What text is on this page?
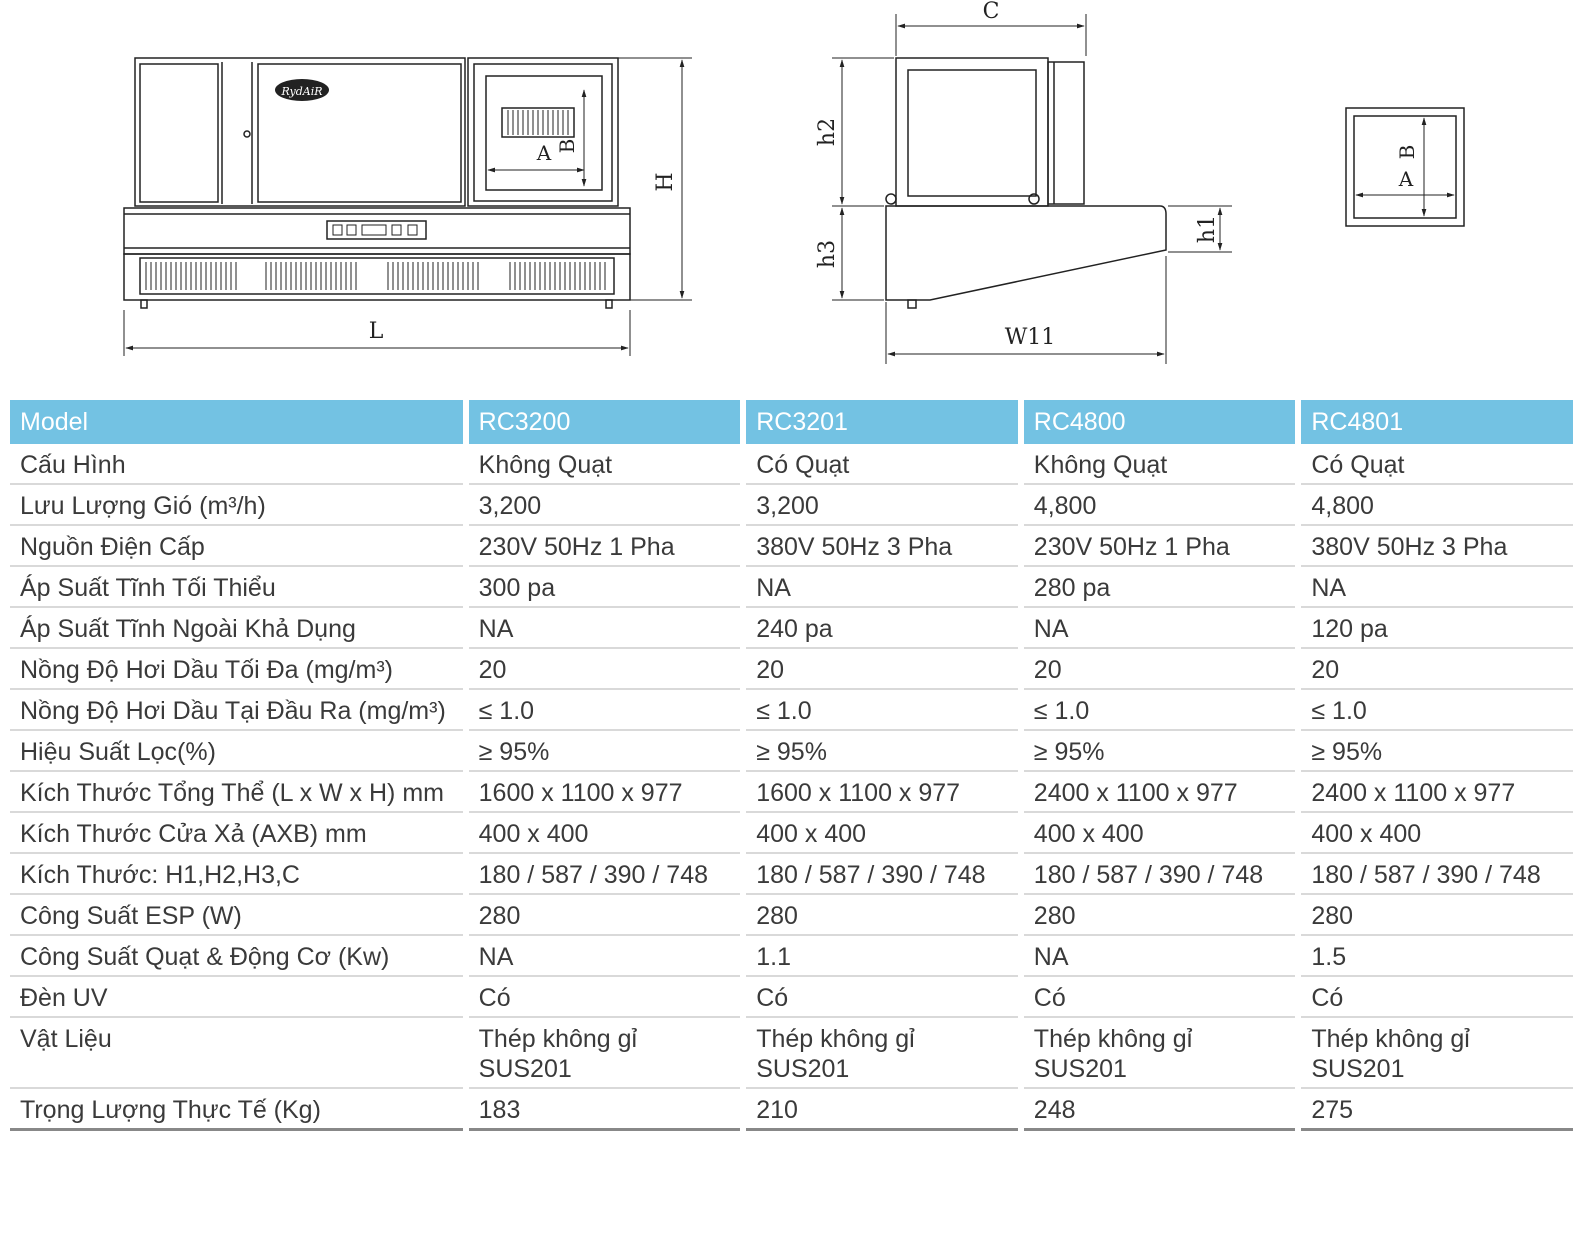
RydAiR
L
H
A B
C
h2
h3
h1
W11
A
B
Model	RC3200	RC3201	RC4800	RC4801
Cấu Hình	Không Quạt	Có Quạt	Không Quạt	Có Quạt
Lưu Lượng Gió (m³/h)	3,200	3,200	4,800	4,800
Nguồn Điện Cấp	230V 50Hz 1 Pha	380V 50Hz 3 Pha	230V 50Hz 1 Pha	380V 50Hz 3 Pha
Áp Suất Tĩnh Tối Thiểu	300 pa	NA	280 pa	NA
Áp Suất Tĩnh Ngoài Khả Dụng	NA	240 pa	NA	120 pa
Nồng Độ Hơi Dầu Tối Đa (mg/m³)	20	20	20	20
Nồng Độ Hơi Dầu Tại Đầu Ra (mg/m³)	≤ 1.0	≤ 1.0	≤ 1.0	≤ 1.0
Hiệu Suất Lọc(%)	≥ 95%	≥ 95%	≥ 95%	≥ 95%
Kích Thước Tổng Thể (L x W x H) mm	1600 x 1100 x 977	1600 x 1100 x 977	2400 x 1100 x 977	2400 x 1100 x 977
Kích Thước Cửa Xả (AXB) mm	400 x 400	400 x 400	400 x 400	400 x 400
Kích Thước: H1,H2,H3,C	180 / 587 / 390 / 748	180 / 587 / 390 / 748	180 / 587 / 390 / 748	180 / 587 / 390 / 748
Công Suất ESP (W)	280	280	280	280
Công Suất Quạt & Động Cơ (Kw)	NA	1.1	NA	1.5
Đèn UV	Có	Có	Có	Có
Vật Liệu	Thép không gỉ SUS201	Thép không gỉ SUS201	Thép không gỉ SUS201	Thép không gỉ SUS201
Trọng Lượng Thực Tế (Kg)	183	210	248	275
